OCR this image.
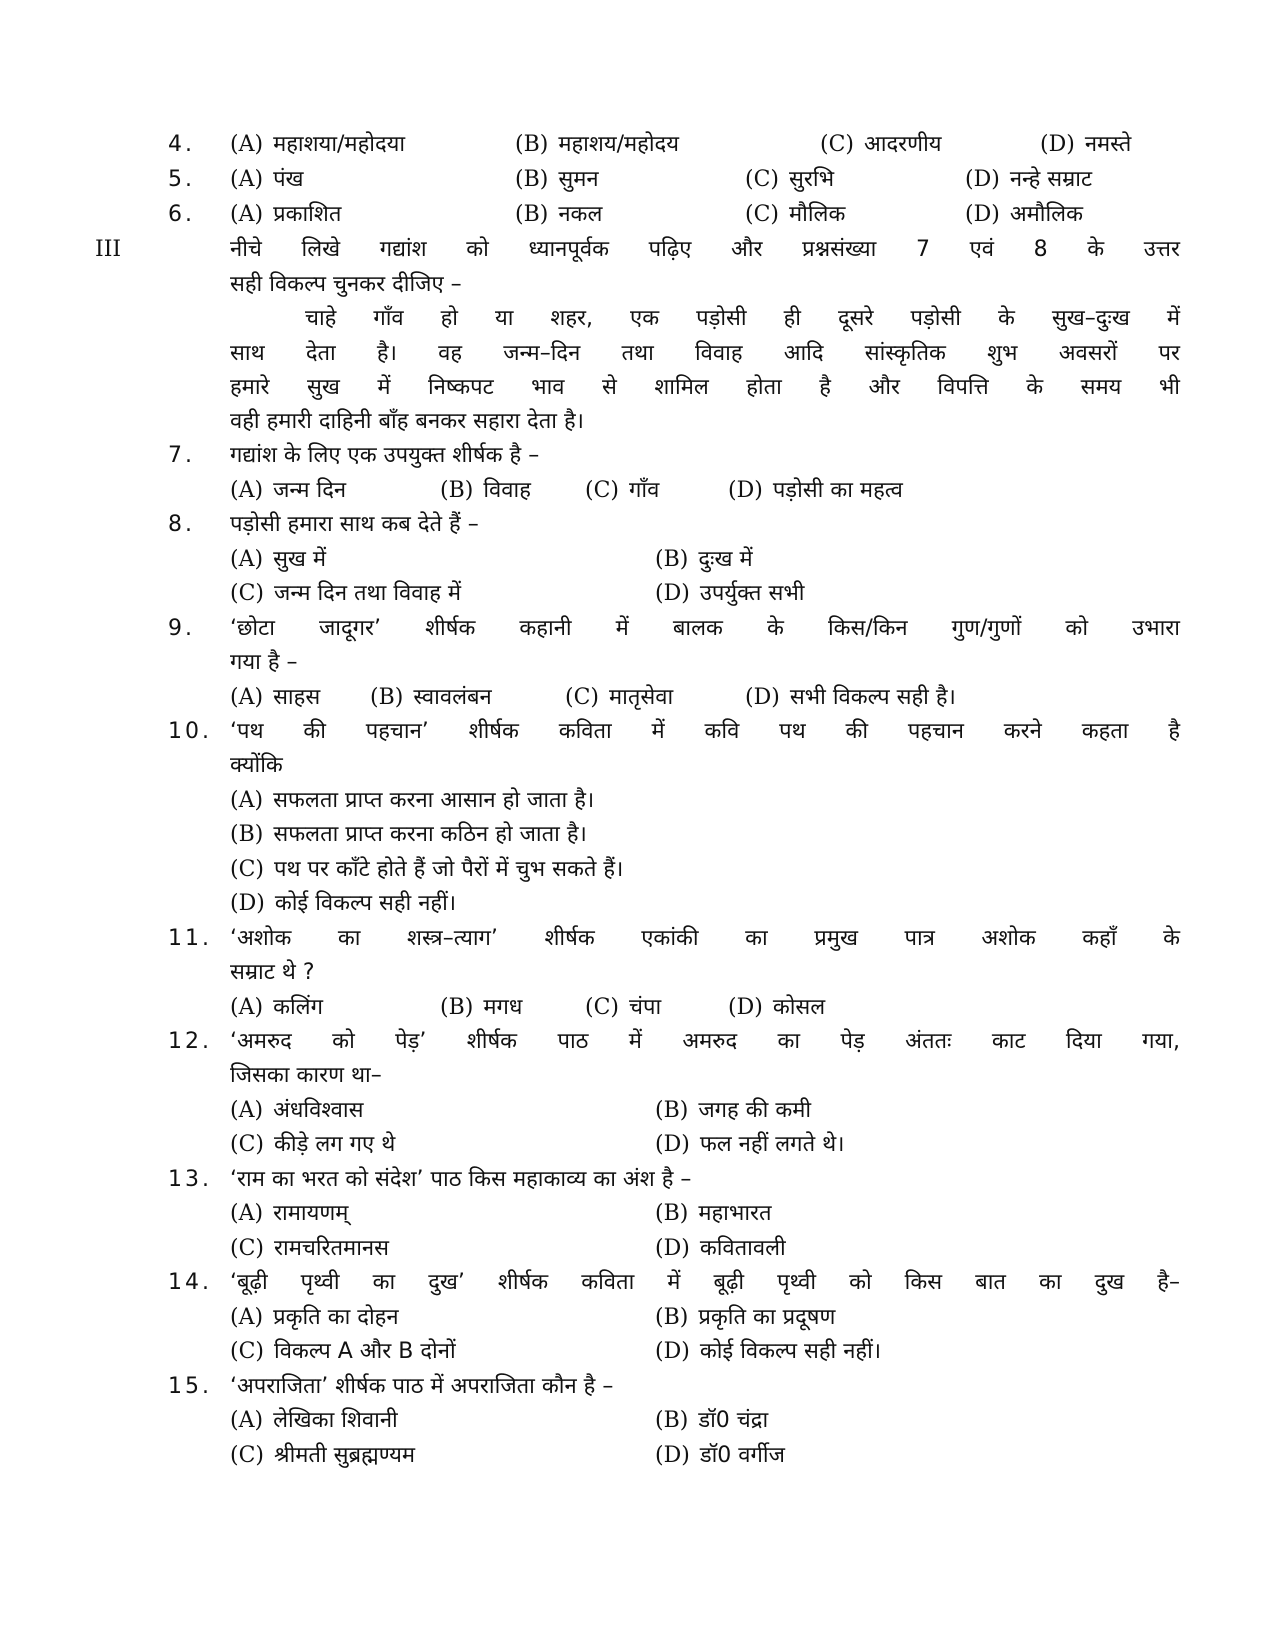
4. (A) महाशया/महोदया	(B) महाशय/महोदय	(C) आदरणीय	(D) नमस्ते
5. (A) पंख	(B) सुमन	(C) सुरभि	(D) नन्हे सम्राट
6. (A) प्रकाशित	(B) नकल	(C) मौलिक	(D) अमौलिक
III	नीचे लिखे गद्यांश को ध्यानपूर्वक पढ़िए और प्रश्नसंख्या 7 एवं 8 के उत्तर
सही विकल्प चुनकर दीजिए –
चाहे गाँव हो या शहर, एक पड़ोसी ही दूसरे पड़ोसी के सुख–दुःख में
साथ देता है। वह जन्म–दिन तथा विवाह आदि सांस्कृतिक शुभ अवसरों पर
हमारे सुख में निष्कपट भाव से शामिल होता है और विपत्ति के समय भी
वही हमारी दाहिनी बाँह बनकर सहारा देता है।
7. गद्यांश के लिए एक उपयुक्त शीर्षक है –
(A) जन्म दिन	(B) विवाह (C) गाँव	(D) पड़ोसी का महत्व
8. पड़ोसी हमारा साथ कब देते हैं –
(A) सुख में	(B) दुःख में
(C) जन्म दिन तथा विवाह में	(D) उपर्युक्त सभी
9. ‘छोटा जादूगर’ शीर्षक कहानी में बालक के किस/किन गुण/गुणों को उभारा
गया है –
(A) साहस (B) स्वावलंबन	(C) मातृसेवा	(D) सभी विकल्प सही है।
10. ‘पथ की पहचान’ शीर्षक कविता में कवि पथ की पहचान करने कहता है
क्योंकि
(A) सफलता प्राप्त करना आसान हो जाता है।
(B) सफलता प्राप्त करना कठिन हो जाता है।
(C) पथ पर काँटे होते हैं जो पैरों में चुभ सकते हैं।
(D) कोई विकल्प सही नहीं।
11. ‘अशोक का शस्त्र–त्याग’ शीर्षक एकांकी का प्रमुख पात्र अशोक कहाँ के
सम्राट थे ?
(A) कलिंग	(B) मगध	(C) चंपा	(D) कोसल
12. ‘अमरुद को पेड़’ शीर्षक पाठ में अमरुद का पेड़ अंततः काट दिया गया,
जिसका कारण था–
(A) अंधविश्वास	(B) जगह की कमी
(C) कीड़े लग गए थे	(D) फल नहीं लगते थे।
13. ‘राम का भरत को संदेश’ पाठ किस महाकाव्य का अंश है –
(A) रामायणम्	(B) महाभारत
(C) रामचरितमानस	(D) कवितावली
14. ‘बूढ़ी पृथ्वी का दुख’ शीर्षक कविता में बूढ़ी पृथ्वी को किस बात का दुख है–
(A) प्रकृति का दोहन	(B) प्रकृति का प्रदूषण
(C) विकल्प A और B दोनों	(D) कोई विकल्प सही नहीं।
15. ‘अपराजिता’ शीर्षक पाठ में अपराजिता कौन है –
(A) लेखिका शिवानी	(B) डॉ0 चंद्रा
(C) श्रीमती सुब्रह्मण्यम	(D) डॉ0 वर्गीज
